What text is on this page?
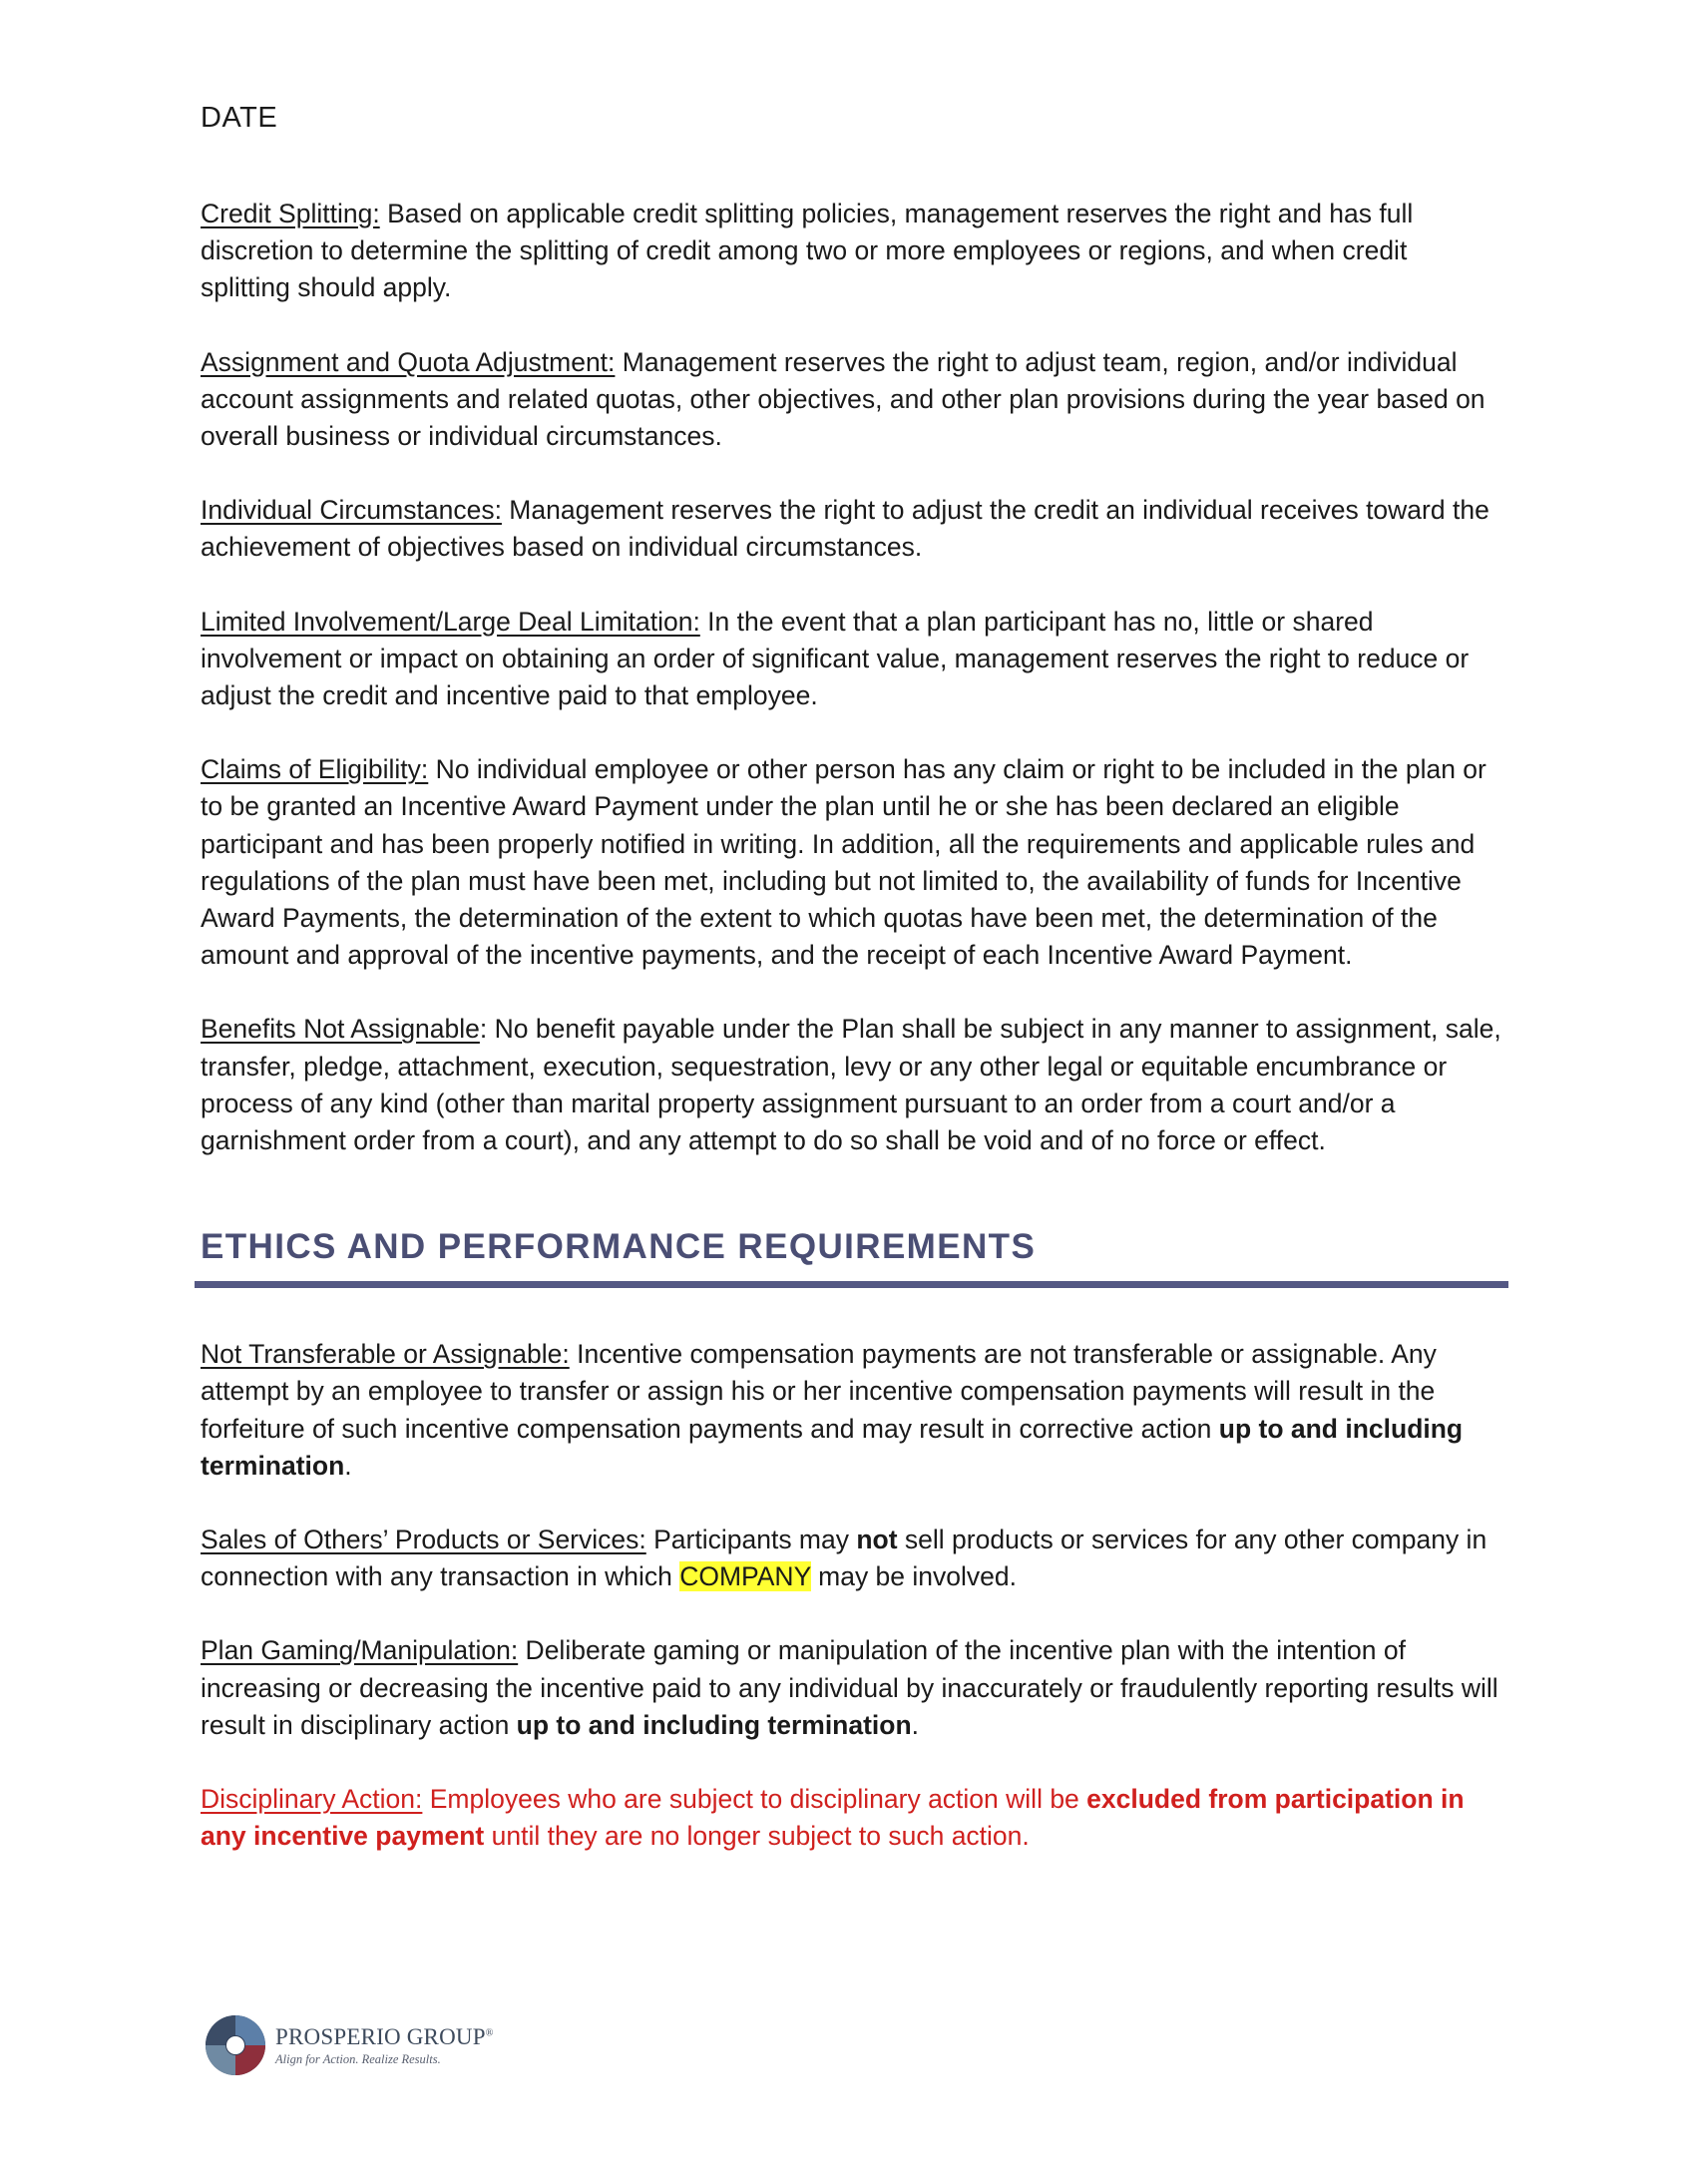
DATE

Credit Splitting: Based on applicable credit splitting policies, management reserves the right and has full discretion to determine the splitting of credit among two or more employees or regions, and when credit splitting should apply.

Assignment and Quota Adjustment: Management reserves the right to adjust team, region, and/or individual account assignments and related quotas, other objectives, and other plan provisions during the year based on overall business or individual circumstances.

Individual Circumstances: Management reserves the right to adjust the credit an individual receives toward the achievement of objectives based on individual circumstances.

Limited Involvement/Large Deal Limitation: In the event that a plan participant has no, little or shared involvement or impact on obtaining an order of significant value, management reserves the right to reduce or adjust the credit and incentive paid to that employee.

Claims of Eligibility: No individual employee or other person has any claim or right to be included in the plan or to be granted an Incentive Award Payment under the plan until he or she has been declared an eligible participant and has been properly notified in writing. In addition, all the requirements and applicable rules and regulations of the plan must have been met, including but not limited to, the availability of funds for Incentive Award Payments, the determination of the extent to which quotas have been met, the determination of the amount and approval of the incentive payments, and the receipt of each Incentive Award Payment.

Benefits Not Assignable: No benefit payable under the Plan shall be subject in any manner to assignment, sale, transfer, pledge, attachment, execution, sequestration, levy or any other legal or equitable encumbrance or process of any kind (other than marital property assignment pursuant to an order from a court and/or a garnishment order from a court), and any attempt to do so shall be void and of no force or effect.

ETHICS AND PERFORMANCE REQUIREMENTS

Not Transferable or Assignable: Incentive compensation payments are not transferable or assignable. Any attempt by an employee to transfer or assign his or her incentive compensation payments will result in the forfeiture of such incentive compensation payments and may result in corrective action up to and including termination.

Sales of Others’ Products or Services: Participants may not sell products or services for any other company in connection with any transaction in which COMPANY may be involved.

Plan Gaming/Manipulation: Deliberate gaming or manipulation of the incentive plan with the intention of increasing or decreasing the incentive paid to any individual by inaccurately or fraudulently reporting results will result in disciplinary action up to and including termination.

Disciplinary Action: Employees who are subject to disciplinary action will be excluded from participation in any incentive payment until they are no longer subject to such action.

PROSPERIO GROUP®
Align for Action. Realize Results.
